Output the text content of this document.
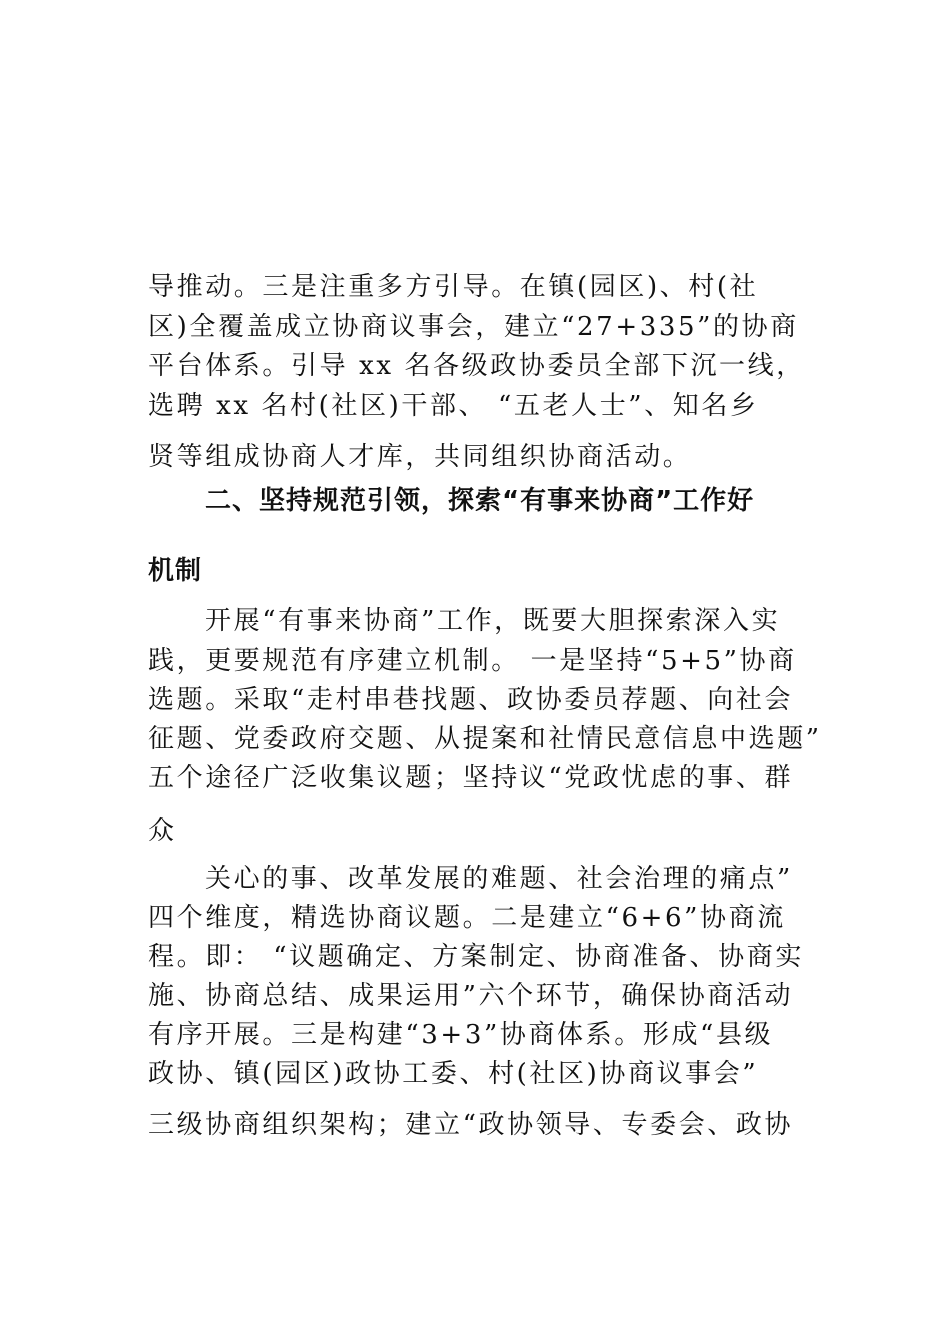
导推动。三是注重多方引导。在镇(园区)、村(社
区)全覆盖成立协商议事会，建立“27+335”的协商
平台体系。引导 xx 名各级政协委员全部下沉一线，
选聘 xx 名村(社区)干部、 “五老人士”、知名乡
贤等组成协商人才库，共同组织协商活动。
二、坚持规范引领，探索“有事来协商”工作好
机制
开展“有事来协商”工作，既要大胆探索深入实
践，更要规范有序建立机制。 一是坚持“5+5”协商
选题。采取“走村串巷找题、政协委员荐题、向社会
征题、党委政府交题、从提案和社情民意信息中选题”
五个途径广泛收集议题；坚持议“党政忧虑的事、群
众
关心的事、改革发展的难题、社会治理的痛点”
四个维度，精选协商议题。二是建立“6+6”协商流
程。即： “议题确定、方案制定、协商准备、协商实
施、协商总结、成果运用”六个环节，确保协商活动
有序开展。三是构建“3+3”协商体系。形成“县级
政协、镇(园区)政协工委、村(社区)协商议事会”
三级协商组织架构；建立“政协领导、专委会、政协
